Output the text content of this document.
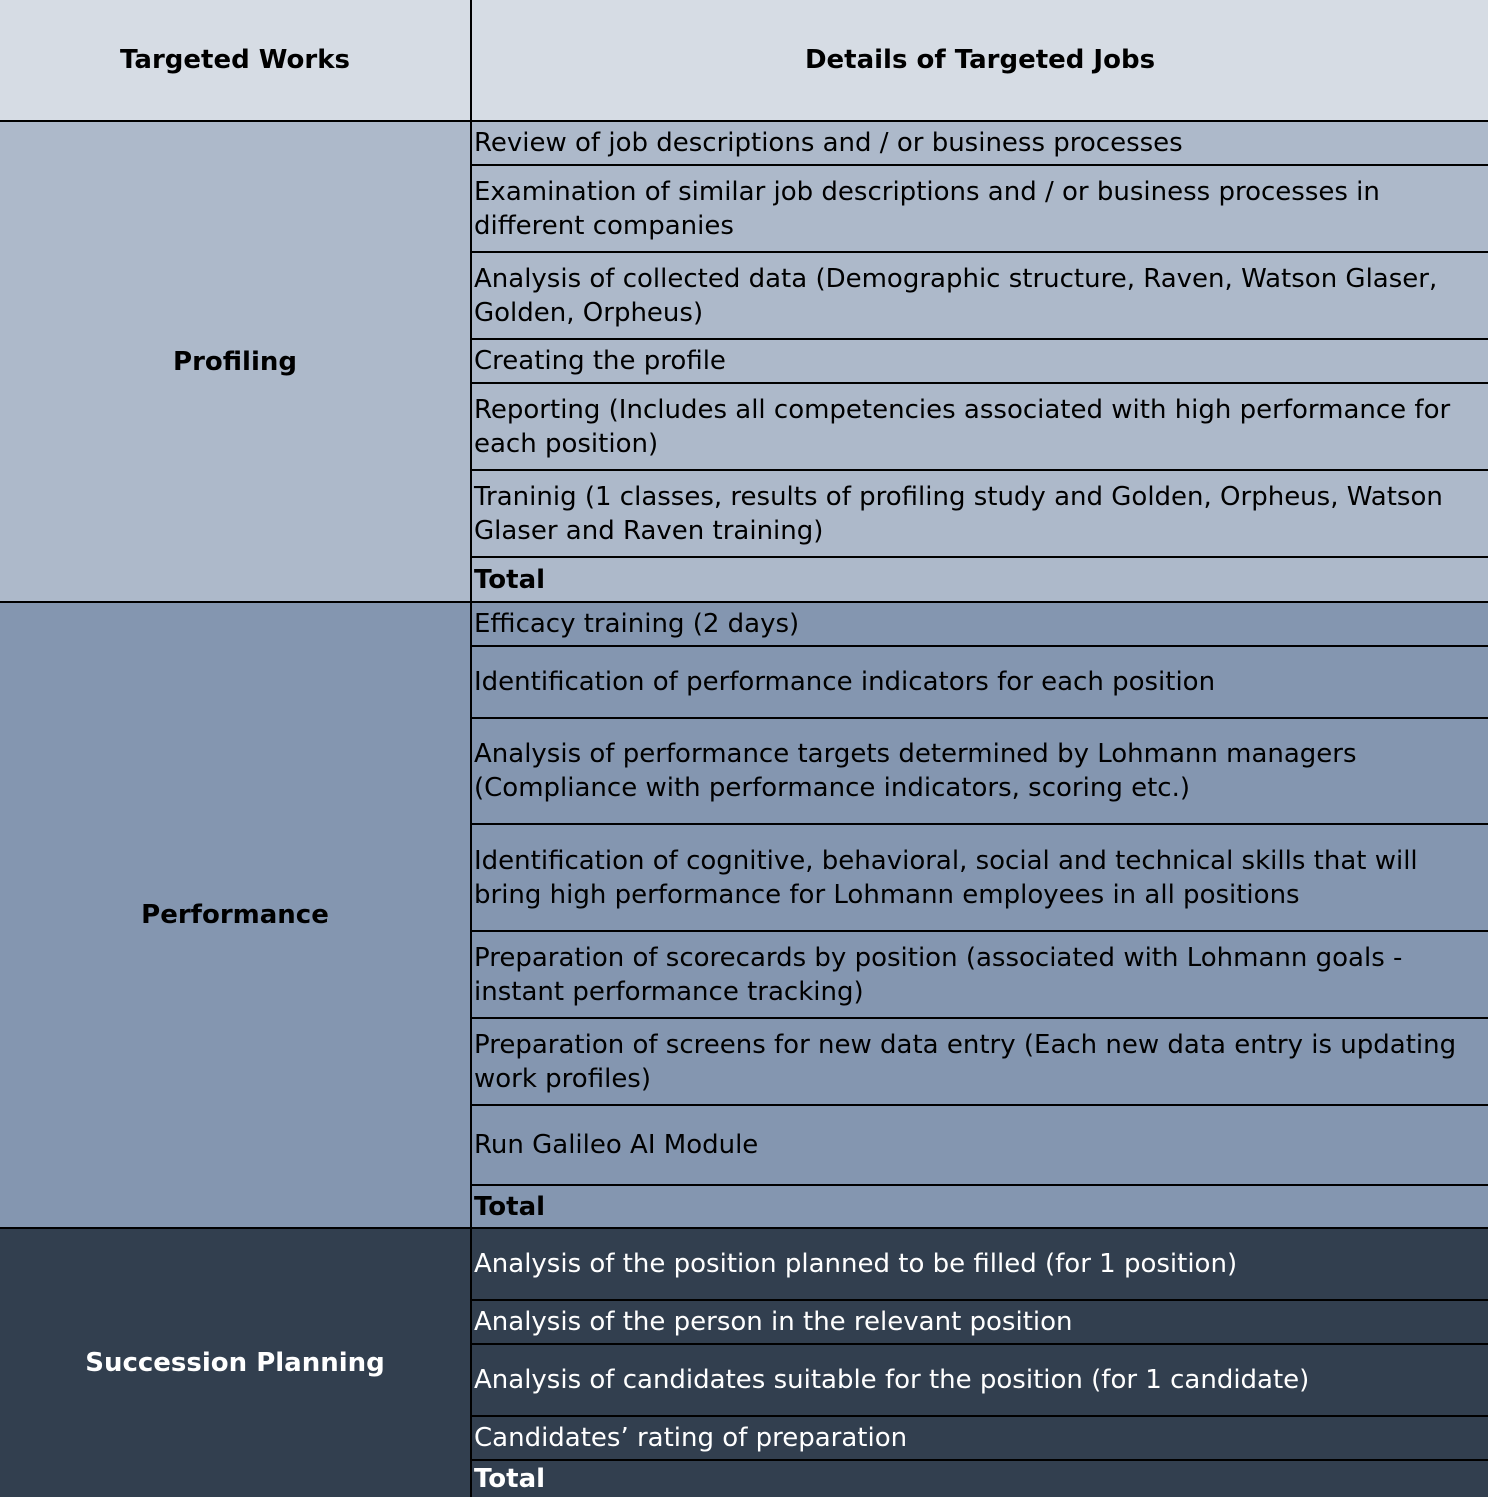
Targeted Works	Details of Targeted Jobs
Profiling
Review of job descriptions and / or business processes
Examination of similar job descriptions and / or business processes in different companies
Analysis of collected data (Demographic structure, Raven, Watson Glaser, Golden, Orpheus)
Creating the profile
Reporting (Includes all competencies associated with high performance for each position)
Traninig (1 classes, results of profiling study and Golden, Orpheus, Watson Glaser and Raven training)
Total
Performance
Efficacy training (2 days)
Identification of performance indicators for each position
Analysis of performance targets determined by Lohmann managers (Compliance with performance indicators, scoring etc.)
Identification of cognitive, behavioral, social and technical skills that will bring high performance for Lohmann employees in all positions
Preparation of scorecards by position (associated with Lohmann goals - instant performance tracking)
Preparation of screens for new data entry (Each new data entry is updating work profiles)
Run Galileo AI Module
Total
Succession Planning
Analysis of the position planned to be filled (for 1 position)
Analysis of the person in the relevant position
Analysis of candidates suitable for the position (for 1 candidate)
Candidates’ rating of preparation
Total
